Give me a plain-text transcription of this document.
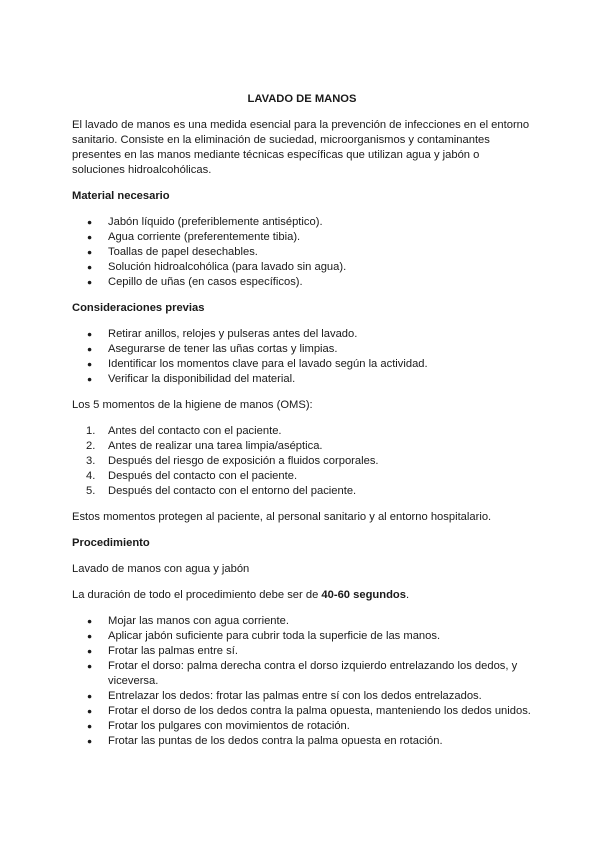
LAVADO DE MANOS

El lavado de manos es una medida esencial para la prevención de infecciones en el entorno sanitario. Consiste en la eliminación de suciedad, microorganismos y contaminantes presentes en las manos mediante técnicas específicas que utilizan agua y jabón o soluciones hidroalcohólicas.

Material necesario

● Jabón líquido (preferiblemente antiséptico).
● Agua corriente (preferentemente tibia).
● Toallas de papel desechables.
● Solución hidroalcohólica (para lavado sin agua).
● Cepillo de uñas (en casos específicos).

Consideraciones previas

● Retirar anillos, relojes y pulseras antes del lavado.
● Asegurarse de tener las uñas cortas y limpias.
● Identificar los momentos clave para el lavado según la actividad.
● Verificar la disponibilidad del material.

Los 5 momentos de la higiene de manos (OMS):

1. Antes del contacto con el paciente.
2. Antes de realizar una tarea limpia/aséptica.
3. Después del riesgo de exposición a fluidos corporales.
4. Después del contacto con el paciente.
5. Después del contacto con el entorno del paciente.

Estos momentos protegen al paciente, al personal sanitario y al entorno hospitalario.

Procedimiento

Lavado de manos con agua y jabón

La duración de todo el procedimiento debe ser de 40-60 segundos.

● Mojar las manos con agua corriente.
● Aplicar jabón suficiente para cubrir toda la superficie de las manos.
● Frotar las palmas entre sí.
● Frotar el dorso: palma derecha contra el dorso izquierdo entrelazando los dedos, y viceversa.
● Entrelazar los dedos: frotar las palmas entre sí con los dedos entrelazados.
● Frotar el dorso de los dedos contra la palma opuesta, manteniendo los dedos unidos.
● Frotar los pulgares con movimientos de rotación.
● Frotar las puntas de los dedos contra la palma opuesta en rotación.
